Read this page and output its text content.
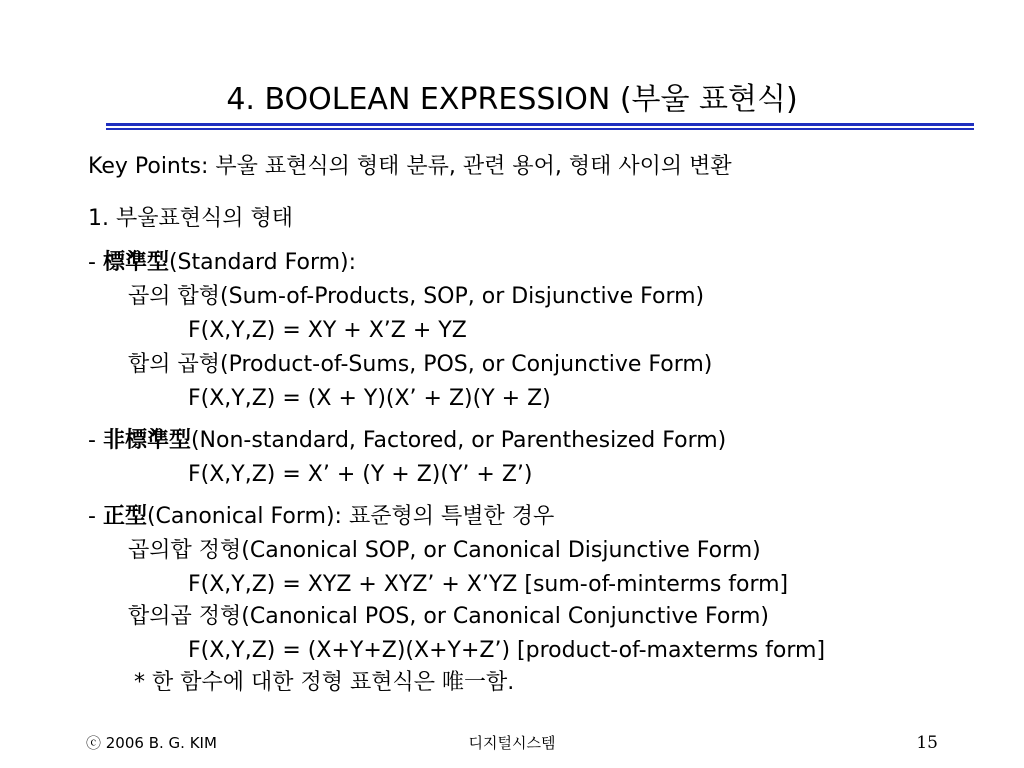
4. BOOLEAN EXPRESSION (부울 표현식)
Key Points: 부울 표현식의 형태 분류, 관련 용어, 형태 사이의 변환
1. 부울표현식의 형태
- 標準型(Standard Form):
곱의 합형(Sum-of-Products, SOP, or Disjunctive Form)
F(X,Y,Z) = XY + X’Z + YZ
합의 곱형(Product-of-Sums, POS, or Conjunctive Form)
F(X,Y,Z) = (X + Y)(X’ + Z)(Y + Z)
- 非標準型(Non-standard, Factored, or Parenthesized Form)
F(X,Y,Z) = X’ + (Y + Z)(Y’ + Z’)
- 正型(Canonical Form): 표준형의 특별한 경우
곱의합 정형(Canonical SOP, or Canonical Disjunctive Form)
F(X,Y,Z) = XYZ + XYZ’ + X’YZ [sum-of-minterms form]
합의곱 정형(Canonical POS, or Canonical Conjunctive Form)
F(X,Y,Z) = (X+Y+Z)(X+Y+Z’) [product-of-maxterms form]
* 한 함수에 대한 정형 표현식은 唯一함.
ⓒ 2006 B. G. KIM	디지털시스템	15
